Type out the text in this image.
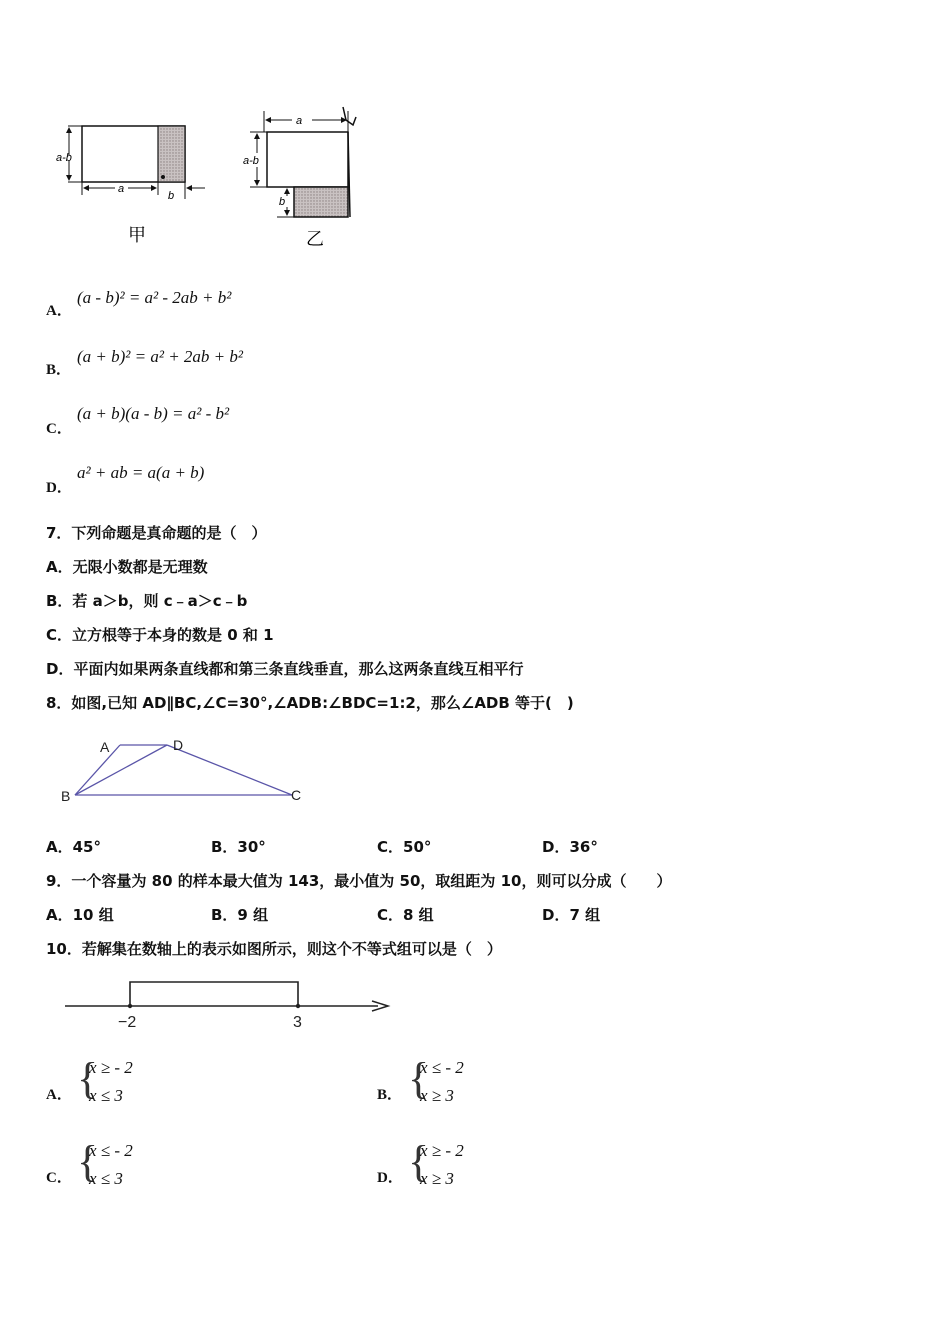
a-b
a
b
甲
a
a-b
b
乙
A．
(a - b)² = a² - 2ab + b²
B．
(a + b)² = a² + 2ab + b²
C．
(a + b)(a - b) = a² - b²
D．
a² + ab = a(a + b)
7．下列命题是真命题的是（　）
A．无限小数都是无理数
B．若 a＞b，则 c﹣a＞c﹣b
C．立方根等于本身的数是 0 和 1
D．平面内如果两条直线都和第三条直线垂直，那么这两条直线互相平行
8．如图,已知 AD∥BC,∠C=30°,∠ADB:∠BDC=1:2，那么∠ADB 等于(　)
A	D
B	C
A．45°	B．30°	C．50°	D．36°
9．一个容量为 80 的样本最大值为 143，最小值为 50，取组距为 10，则可以分成（　　）
A．10 组	B．9 组	C．8 组	D．7 组
10．若解集在数轴上的表示如图所示，则这个不等式组可以是（　）
−2	3
A． {
x ≥ - 2
x ≤ 3	B． {
x ≤ - 2
x ≥ 3
C． {
x ≤ - 2
x ≤ 3	D． {
x ≥ - 2
x ≥ 3
